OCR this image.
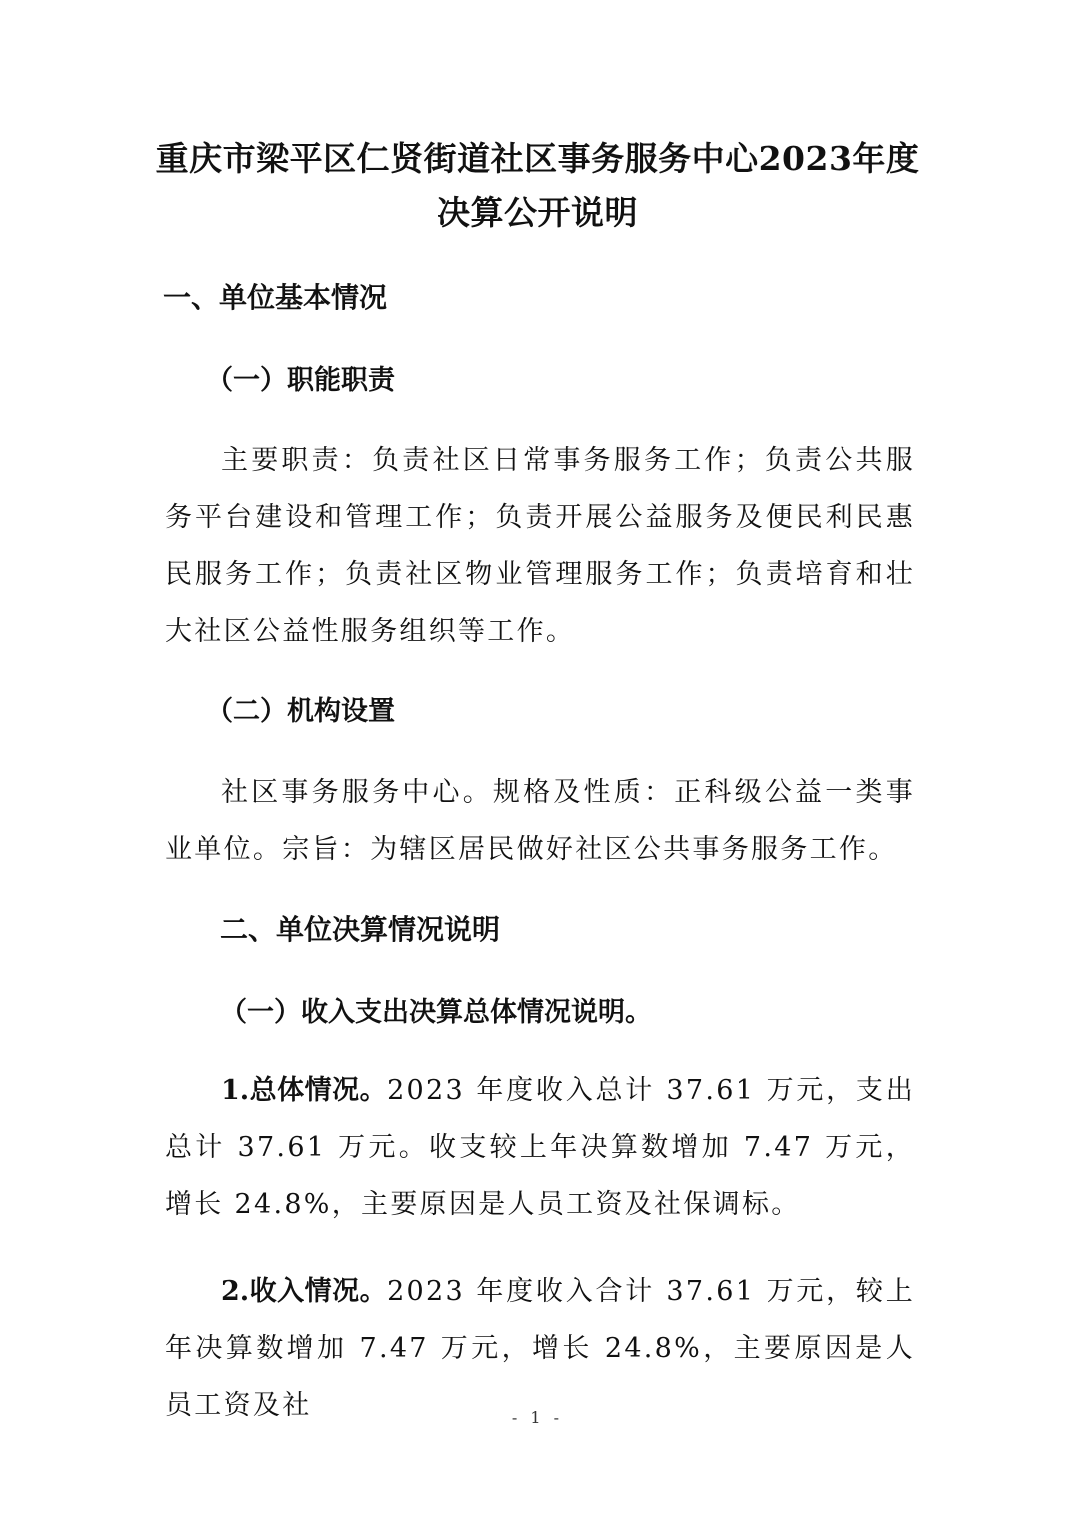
重庆市梁平区仁贤街道社区事务服务中心2023年度
决算公开说明
一、单位基本情况
（一）职能职责

主要职责：负责社区日常事务服务工作；负责公共服务平台建设和管理工作；负责开展公益服务及便民利民惠民服务工作；负责社区物业管理服务工作；负责培育和壮大社区公益性服务组织等工作。

（二）机构设置

社区事务服务中心。规格及性质：正科级公益一类事业单位。宗旨：为辖区居民做好社区公共事务服务工作。

二、单位决算情况说明
（一）收入支出决算总体情况说明。

1.总体情况。2023 年度收入总计 37.61 万元，支出总计 37.61 万元。收支较上年决算数增加 7.47 万元，增长 24.8%，主要原因是人员工资及社保调标。

2.收入情况。2023 年度收入合计 37.61 万元，较上年决算数增加 7.47 万元，增长 24.8%，主要原因是人员工资及社	- 1 -
